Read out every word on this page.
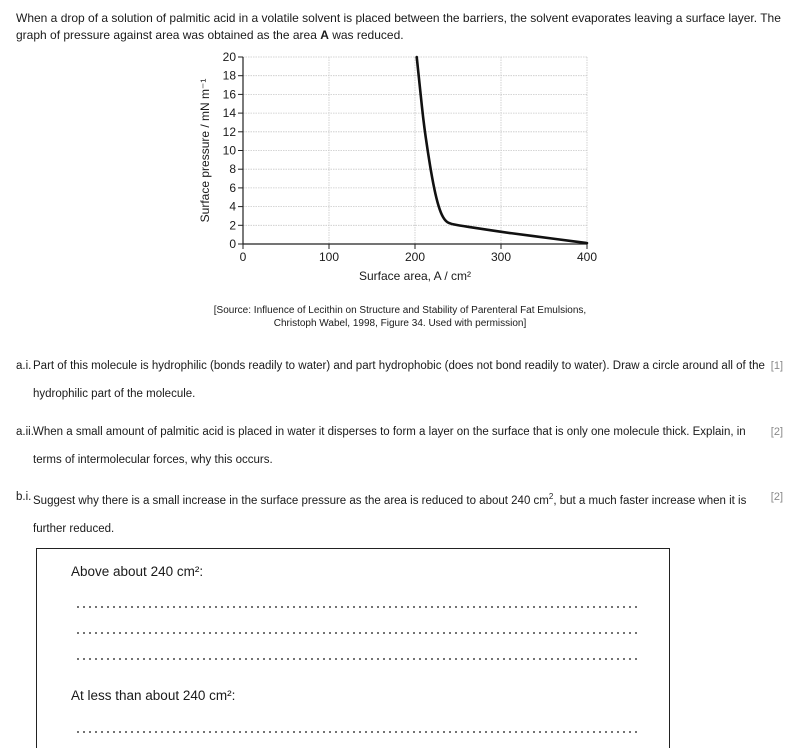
When a drop of a solution of palmitic acid in a volatile solvent is placed between the barriers, the solvent evaporates leaving a surface layer. The graph of pressure against area was obtained as the area A was reduced.
0
2
4
6
8
10
12
14
16
18
20
0	100	200	300	400
Surface area, A / cm²
Surface pressure / mN m⁻¹
[Source: Influence of Lecithin on Structure and Stability of Parenteral Fat Emulsions,
Christoph Wabel, 1998, Figure 34. Used with permission]
a.i. Part of this molecule is hydrophilic (bonds readily to water) and part hydrophobic (does not bond readily to water). Draw a circle around all of the hydrophilic part of the molecule.
[1]
a.ii. When a small amount of palmitic acid is placed in water it disperses to form a layer on the surface that is only one molecule thick. Explain, in terms of intermolecular forces, why this occurs.
[2]
b.i. Suggest why there is a small increase in the surface pressure as the area is reduced to about 240 $cm^2$, but a much faster increase when it is further reduced.
[2]
Above about 240 cm²:
At less than about 240 cm²:
